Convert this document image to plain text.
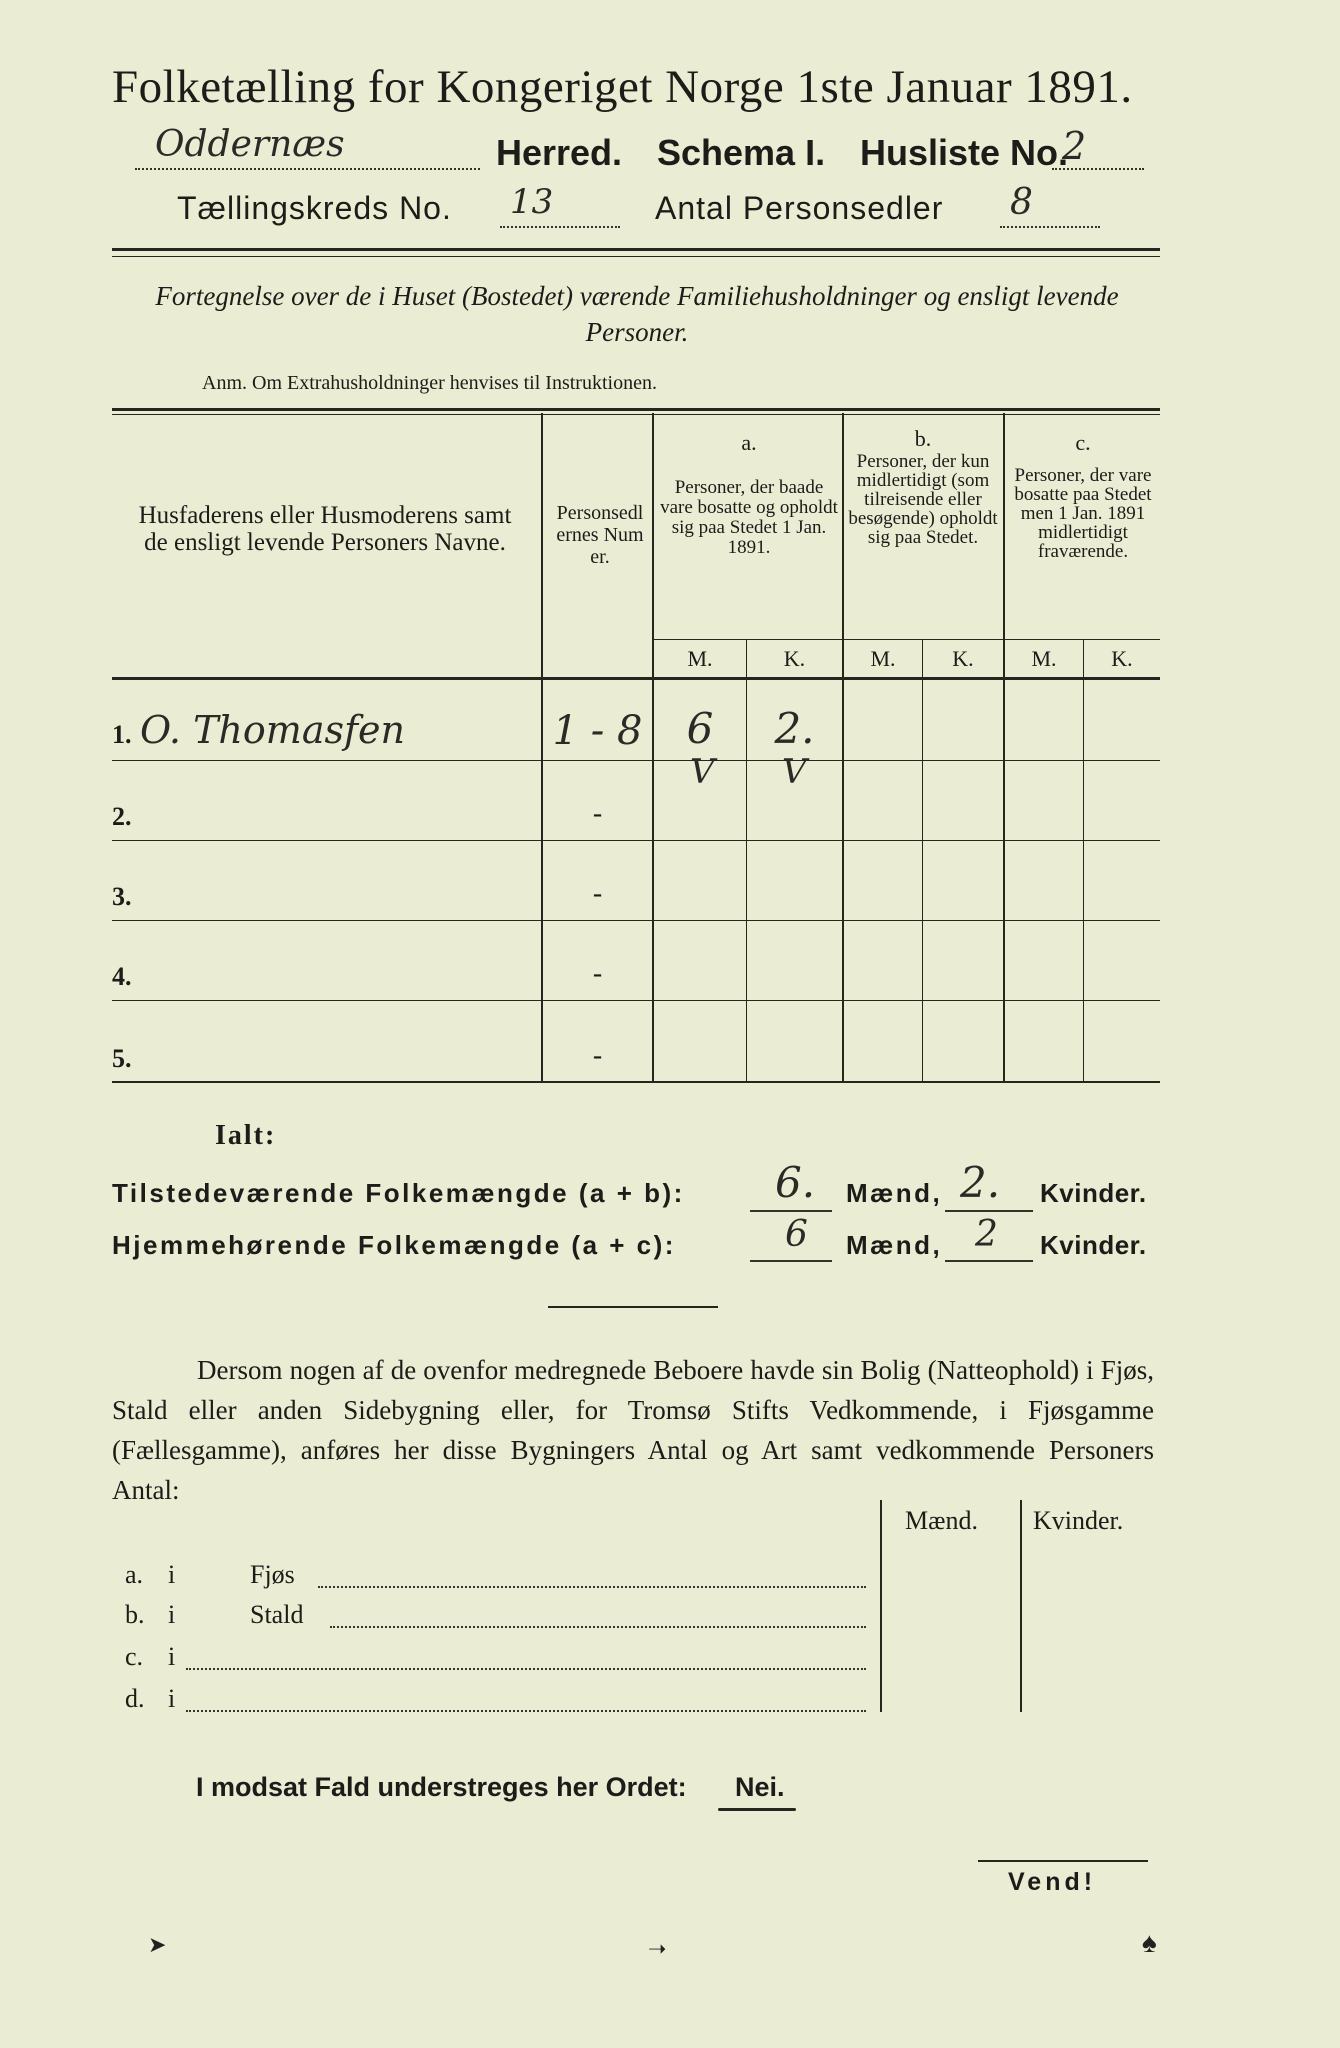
Folketælling for Kongeriget Norge 1ste Januar 1891.
Oddernæs	Herred. Schema I. Husliste No.
2
Tællingskreds No. 13	Antal Personsedler 8
Fortegnelse over de i Huset (Bostedet) værende Familiehusholdninger og ensligt levende Personer.
Anm. Om Extrahusholdninger henvises til Instruktionen.
Husfaderens eller Husmoderens samt de ensligt levende Personers Navne.
Personsedlernes Numer.
a.
Personer, der baade vare bosatte og opholdt sig paa Stedet 1 Jan. 1891.
b.
Personer, der kun midlertidigt (som tilreisende eller besøgende) opholdt sig paa Stedet.
c.
Personer, der vare bosatte paa Stedet men 1 Jan. 1891 midlertidigt fraværende.
M.	K.	M.	K.	M.	K.
1. O. Thomasfen	1 - 8	6	2.
V V
2.	-
3.	-
4.	-
5.	-
Ialt:
Tilstedeværende Folkemængde (a + b): 6. Mænd, 2. Kvinder.
Hjemmehørende Folkemængde (a + c):	6 Mænd, 2 Kvinder.
Dersom nogen af de ovenfor medregnede Beboere havde sin Bolig (Natteophold) i Fjøs, Stald eller anden Sidebygning eller, for Tromsø Stifts Vedkommende, i Fjøsgamme (Fællesgamme), anføres her disse Bygningers Antal og Art samt vedkommende Personers Antal:
Mænd. Kvinder.
a. i	Fjøs
b. i	Stald
c. i
d. i
I modsat Fald understreges her Ordet: Nei.
Vend!
➤	➝	♠
